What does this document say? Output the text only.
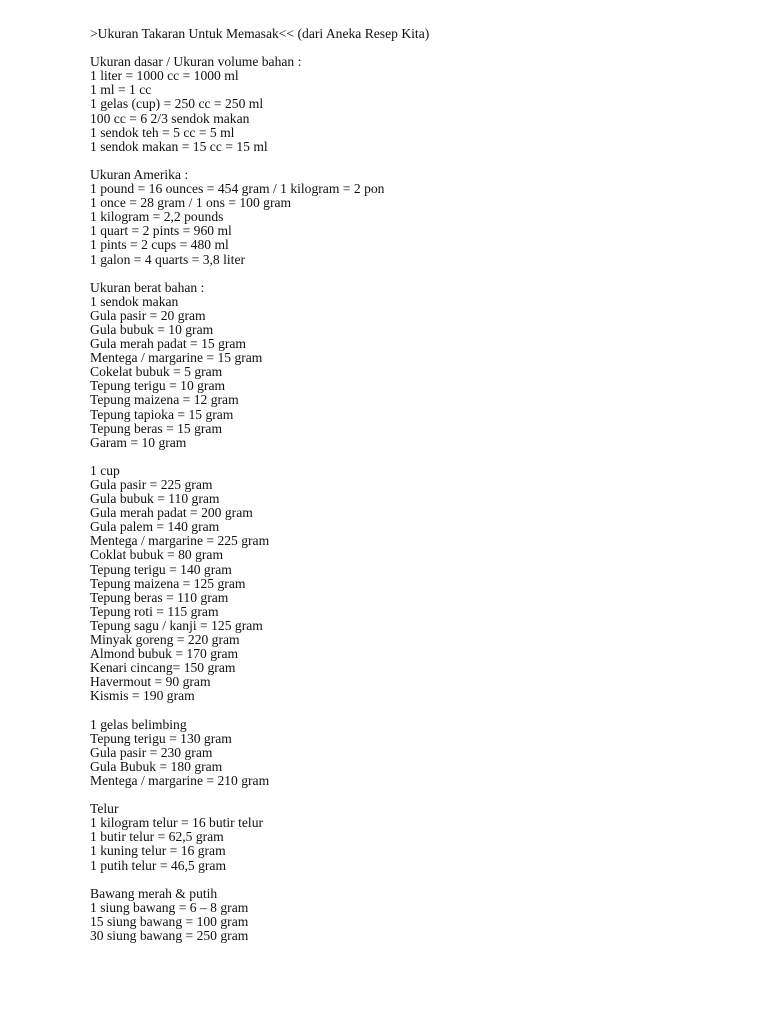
>Ukuran Takaran Untuk Memasak<< (dari Aneka Resep Kita)
Ukuran dasar / Ukuran volume bahan :
1 liter = 1000 cc = 1000 ml
1 ml = 1 cc
1 gelas (cup) = 250 cc = 250 ml
100 cc = 6 2/3 sendok makan
1 sendok teh = 5 cc = 5 ml
1 sendok makan = 15 cc = 15 ml
Ukuran Amerika :
1 pound = 16 ounces = 454 gram / 1 kilogram = 2 pon
1 once = 28 gram / 1 ons = 100 gram
1 kilogram = 2,2 pounds
1 quart = 2 pints = 960 ml
1 pints = 2 cups = 480 ml
1 galon = 4 quarts = 3,8 liter
Ukuran berat bahan :
1 sendok makan
Gula pasir = 20 gram
Gula bubuk = 10 gram
Gula merah padat = 15 gram
Mentega / margarine = 15 gram
Cokelat bubuk = 5 gram
Tepung terigu = 10 gram
Tepung maizena = 12 gram
Tepung tapioka = 15 gram
Tepung beras = 15 gram
Garam = 10 gram
1 cup
Gula pasir = 225 gram
Gula bubuk = 110 gram
Gula merah padat = 200 gram
Gula palem = 140 gram
Mentega / margarine = 225 gram
Coklat bubuk = 80 gram
Tepung terigu = 140 gram
Tepung maizena = 125 gram
Tepung beras = 110 gram
Tepung roti = 115 gram
Tepung sagu / kanji = 125 gram
Minyak goreng = 220 gram
Almond bubuk = 170 gram
Kenari cincang= 150 gram
Havermout = 90 gram
Kismis = 190 gram
1 gelas belimbing
Tepung terigu = 130 gram
Gula pasir = 230 gram
Gula Bubuk = 180 gram
Mentega / margarine = 210 gram
Telur
1 kilogram telur = 16 butir telur
1 butir telur = 62,5 gram
1 kuning telur = 16 gram
1 putih telur = 46,5 gram
Bawang merah & putih
1 siung bawang = 6 – 8 gram
15 siung bawang = 100 gram
30 siung bawang = 250 gram
